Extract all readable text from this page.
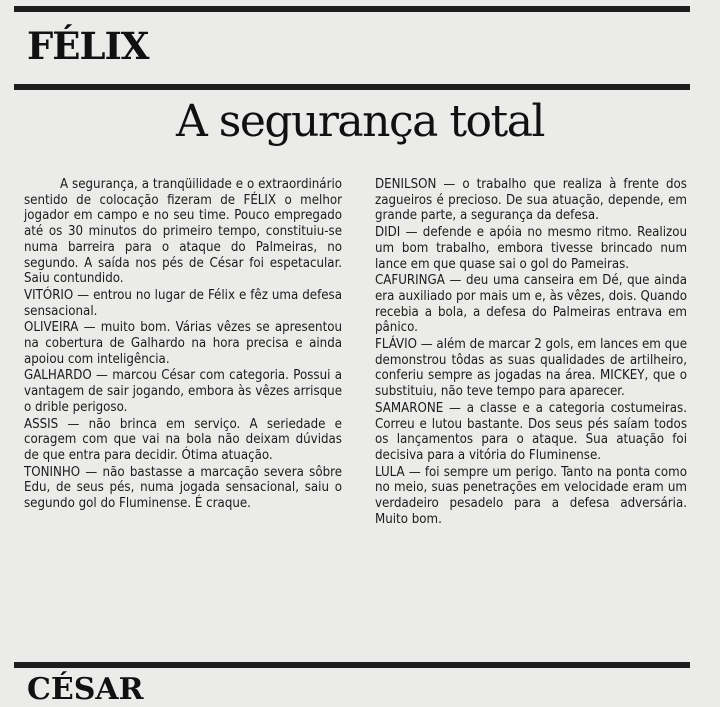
FÉLIX
A segurança total

A segurança, a tranqüilidade e o extraordinário sentido de colocação fizeram de FÉLIX o melhor jogador em campo e no seu time. Pouco empregado até os 30 minutos do primeiro tempo, constituiu-se numa barreira para o ataque do Palmeiras, no segundo. A saída nos pés de César foi espetacular. Saiu contundido.

VITÓRIO — entrou no lugar de Félix e fêz uma defesa sensacional.

OLIVEIRA — muito bom. Várias vêzes se apresentou na cobertura de Galhardo na hora precisa e ainda apoiou com inteligência.

GALHARDO — marcou César com categoria. Possui a vantagem de sair jogando, embora às vêzes arrisque o drible perigoso.

ASSIS — não brinca em serviço. A seriedade e coragem com que vai na bola não deixam dúvidas de que entra para decidir. Ótima atuação.

TONINHO — não bastasse a marcação severa sôbre Edu, de seus pés, numa jogada sensacional, saiu o segundo gol do Fluminense. É craque.

DENILSON — o trabalho que realiza à frente dos zagueiros é precioso. De sua atuação, depende, em grande parte, a segurança da defesa.

DIDI — defende e apóia no mesmo ritmo. Realizou um bom trabalho, embora tivesse brincado num lance em que quase sai o gol do Pameiras.

CAFURINGA — deu uma canseira em Dé, que ainda era auxiliado por mais um e, às vêzes, dois. Quando recebia a bola, a defesa do Palmeiras entrava em pânico.

FLÁVIO — além de marcar 2 gols, em lances em que demonstrou tôdas as suas qualidades de artilheiro, conferiu sempre as jogadas na área. MICKEY, que o substituiu, não teve tempo para aparecer.

SAMARONE — a classe e a categoria costumeiras. Correu e lutou bastante. Dos seus pés saíam todos os lançamentos para o ataque. Sua atuação foi decisiva para a vitória do Fluminense.

LULA — foi sempre um perigo. Tanto na ponta como no meio, suas penetrações em velocidade eram um verdadeiro pesadelo para a defesa adversária. Muito bom.

CÉSAR
